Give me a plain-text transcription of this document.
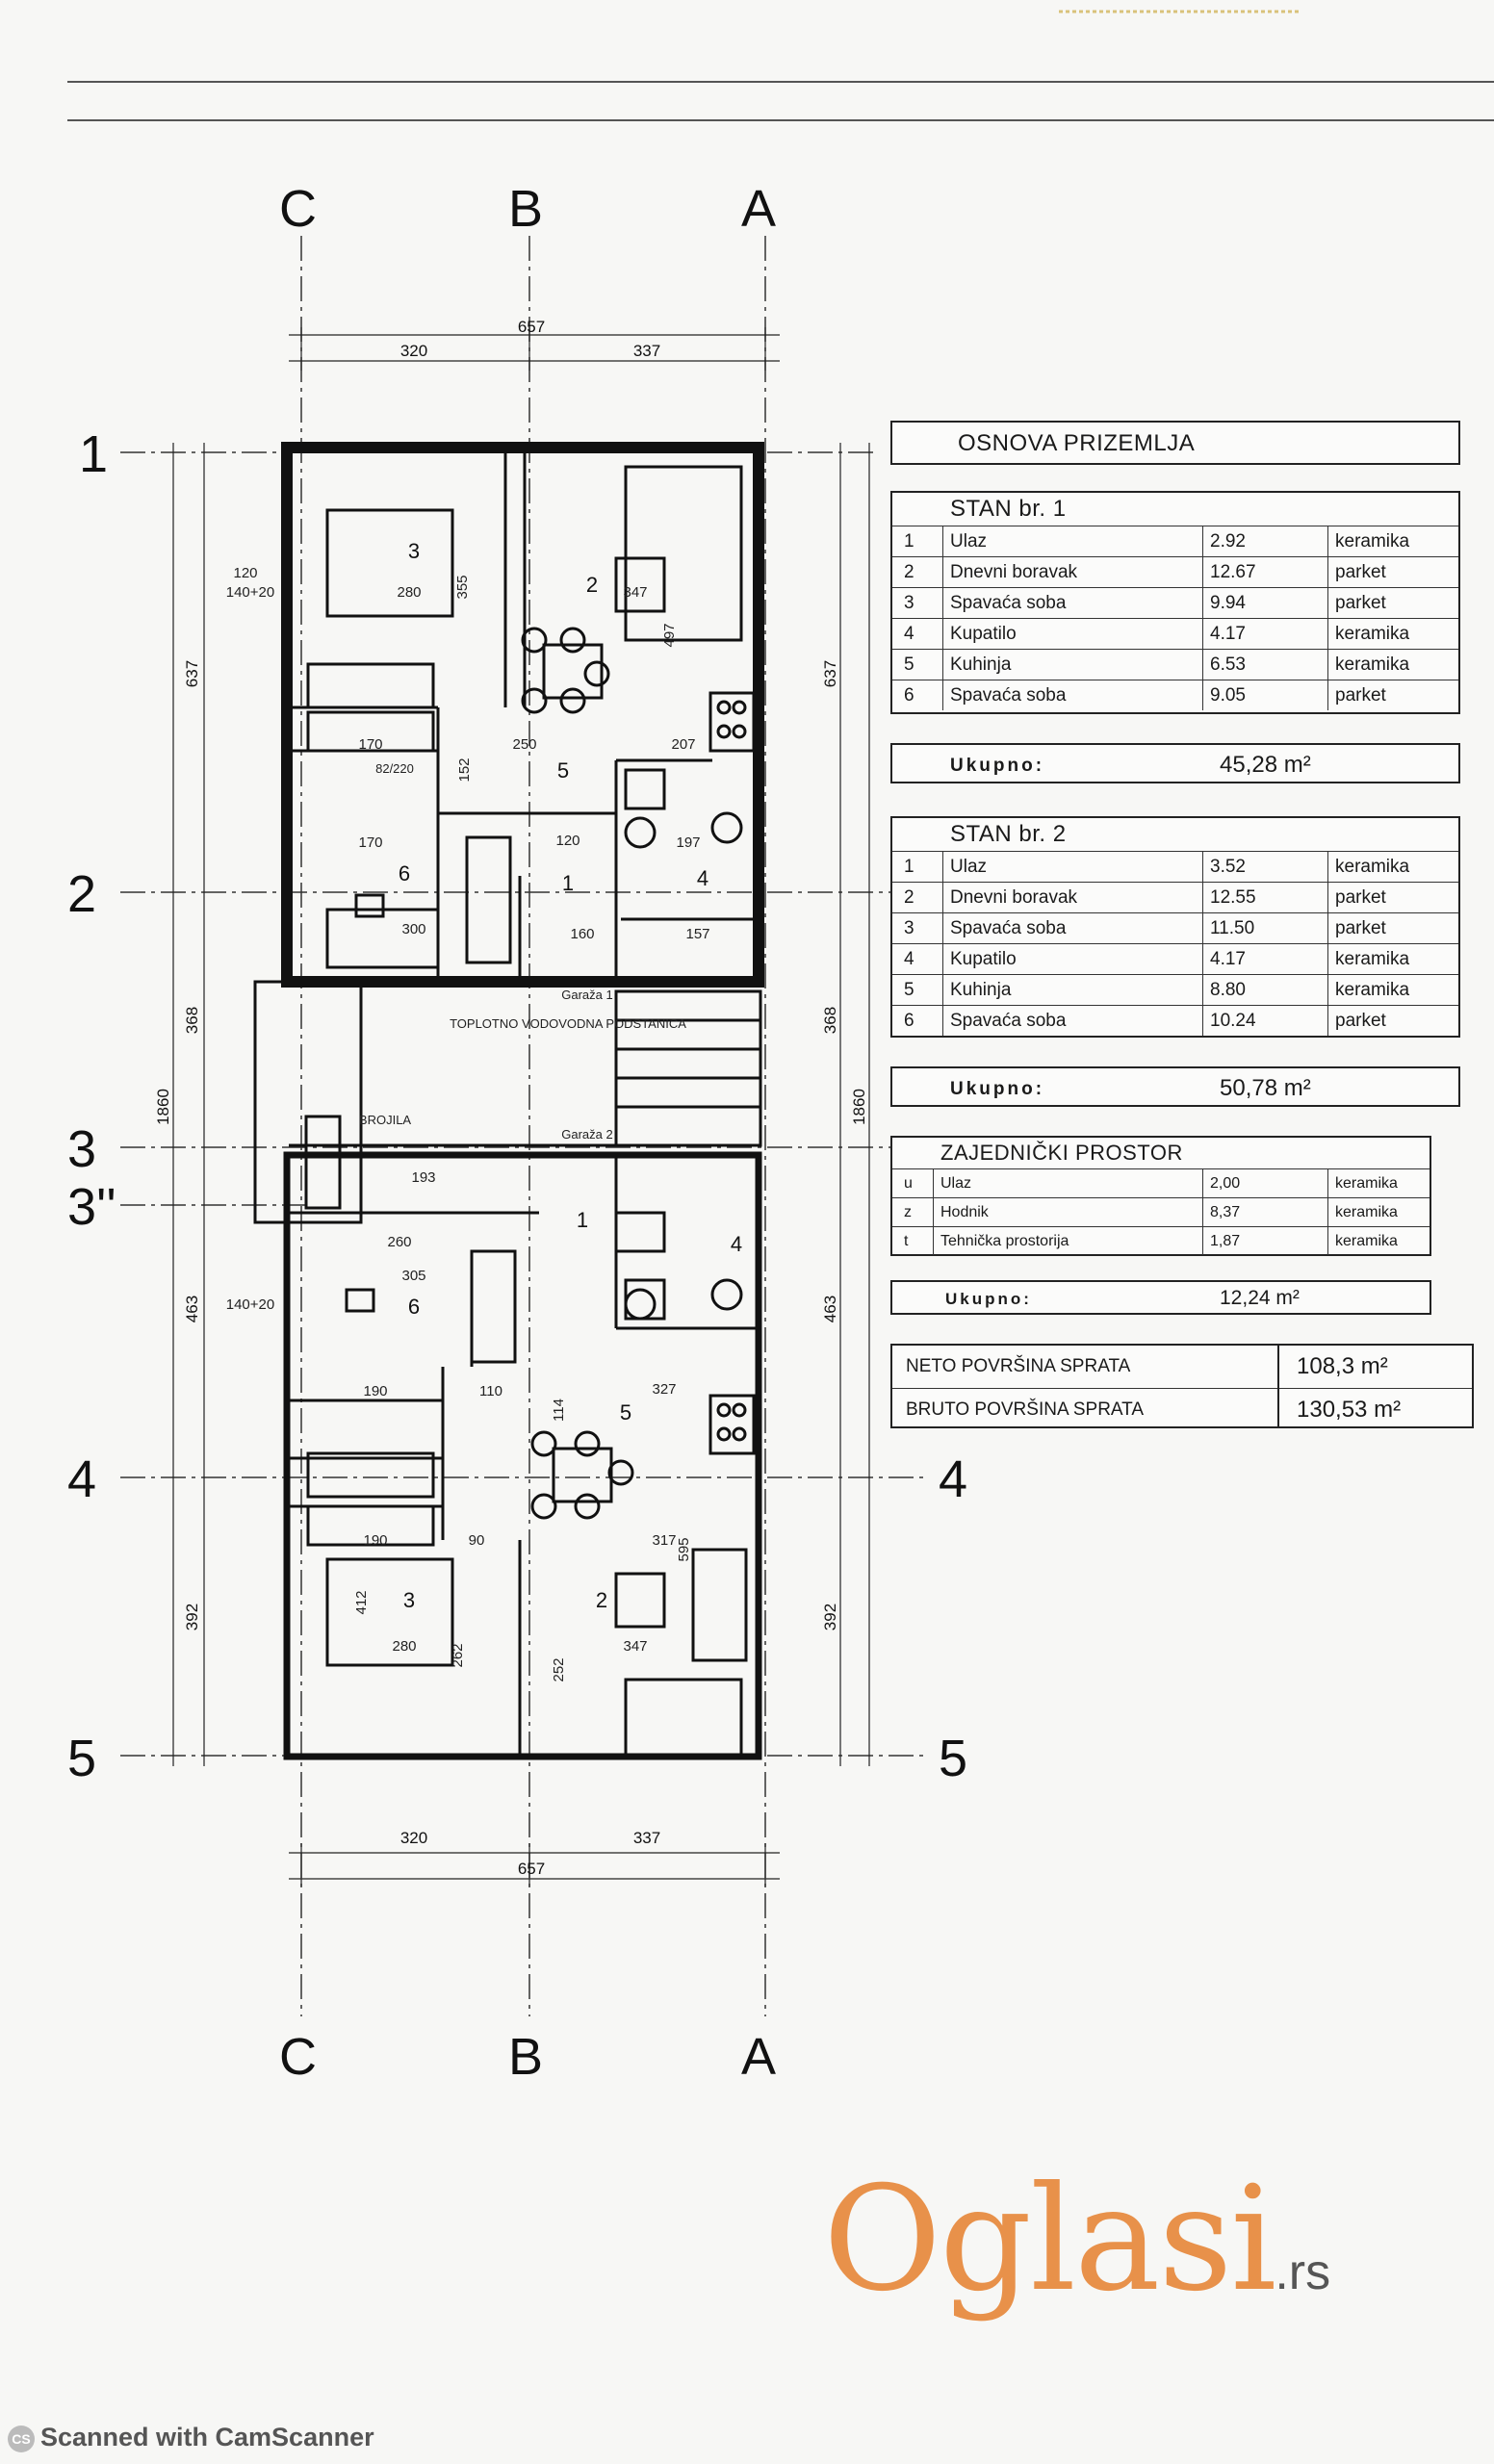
C	B	A
C	B	A
1
2
3
3''
4
5
4
5
320	337
657
320	337
657
637
368
463
392
1860
637
368
463
392
1860
3
2
5
6	1	4
1
4
6
5
3	2
280 355	347
497
170	250	207
152
170	120
300	160	157
197
120
140+20
193
260
305
190	110	327
114
190	90	317
280	347
412
262
252
595
140+20
Garaža 1
Garaža 2
TOPLOTNO VODOVODNA PODSTANICA
BROJILA
82/220
OSNOVA PRIZEMLJA
STAN br. 1
1 Ulaz	2.92	keramika
2 Dnevni boravak	12.67	parket
3 Spavaća soba	9.94	parket
4 Kupatilo	4.17	keramika
5 Kuhinja	6.53	keramika
6 Spavaća soba	9.05	parket
Ukupno:	45,28 m²
STAN br. 2
1 Ulaz	3.52	keramika
2 Dnevni boravak	12.55	parket
3 Spavaća soba	11.50	parket
4 Kupatilo	4.17	keramika
5 Kuhinja	8.80	keramika
6 Spavaća soba	10.24	parket
Ukupno:	50,78 m²
ZAJEDNIČKI PROSTOR
u Ulaz	2,00	keramika
z Hodnik	8,37	keramika
t Tehnička prostorija	1,87	keramika
Ukupno:	12,24 m²
NETO POVRŠINA SPRATA	108,3 m²
BRUTO POVRŠINA SPRATA	130,53 m²
Oglasi.rs
CS Scanned with CamScanner
